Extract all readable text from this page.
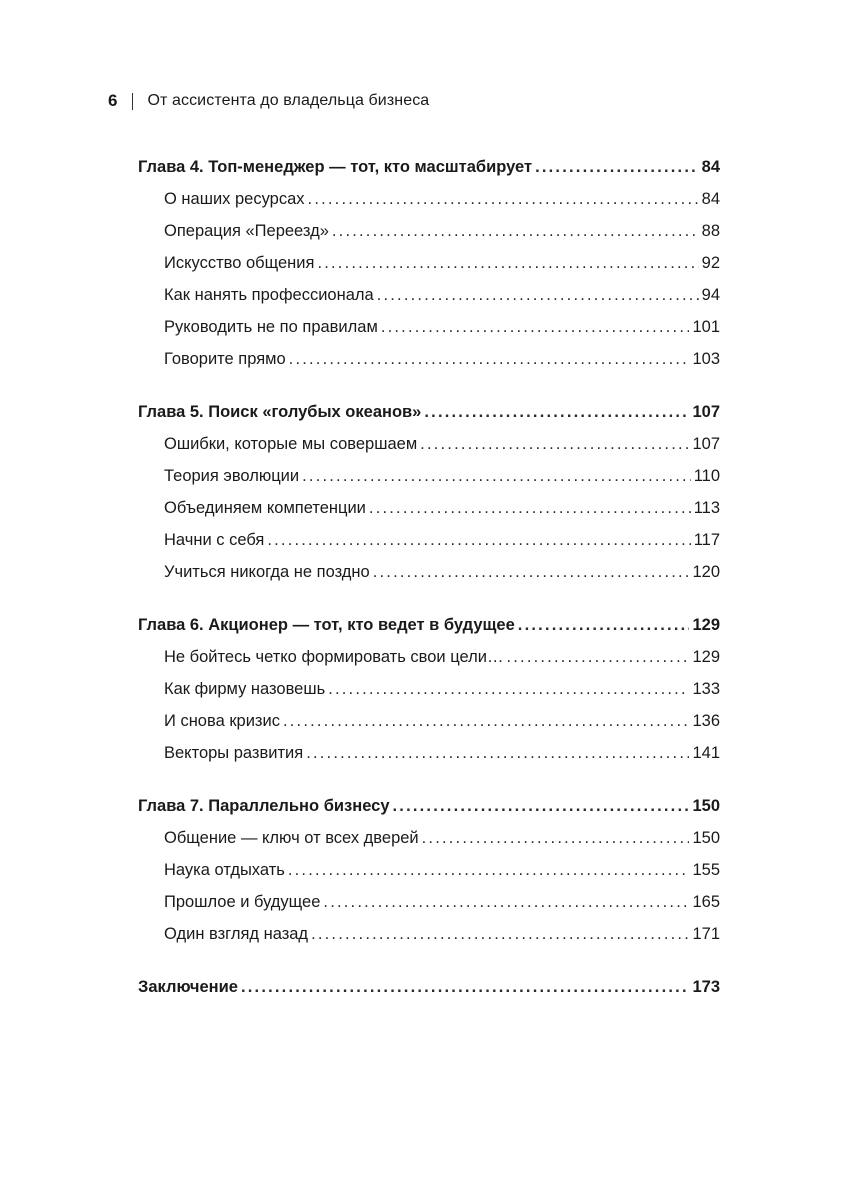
6 От ассистента до владельца бизнеса
Глава 4. Топ-менеджер — тот, кто масштабирует .....	84
О наших ресурсах .....	84
Операция «Переезд» .....	88
Искусство общения .....	92
Как нанять профессионала .....	94
Руководить не по правилам .....	101
Говорите прямо .....	103
Глава 5. Поиск «голубых океанов» .....	107
Ошибки, которые мы совершаем .....	107
Теория эволюции .....	110
Объединяем компетенции .....	113
Начни с себя .....	117
Учиться никогда не поздно .....	120
Глава 6. Акционер — тот, кто ведет в будущее .....	129
Не бойтесь четко формировать свои цели… .....	129
Как фирму назовешь .....	133
И снова кризис .....	136
Векторы развития .....	141
Глава 7. Параллельно бизнесу .....	150
Общение — ключ от всех дверей .....	150
Наука отдыхать .....	155
Прошлое и будущее .....	165
Один взгляд назад .....	171
Заключение .....	173
